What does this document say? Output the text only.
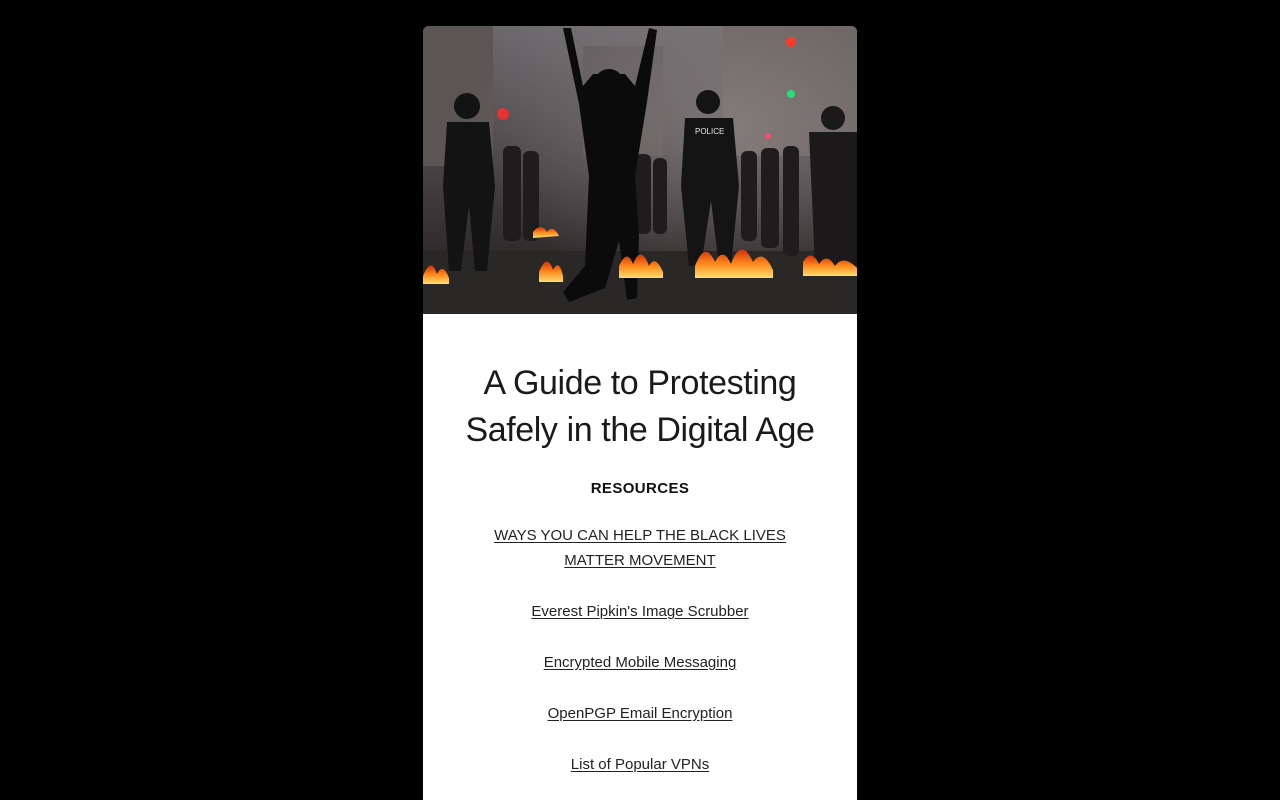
POLICE
A Guide to Protesting Safely in the Digital Age
RESOURCES
WAYS YOU CAN HELP THE BLACK LIVES MATTER MOVEMENT
Everest Pipkin's Image Scrubber
Encrypted Mobile Messaging
OpenPGP Email Encryption
List of Popular VPNs
